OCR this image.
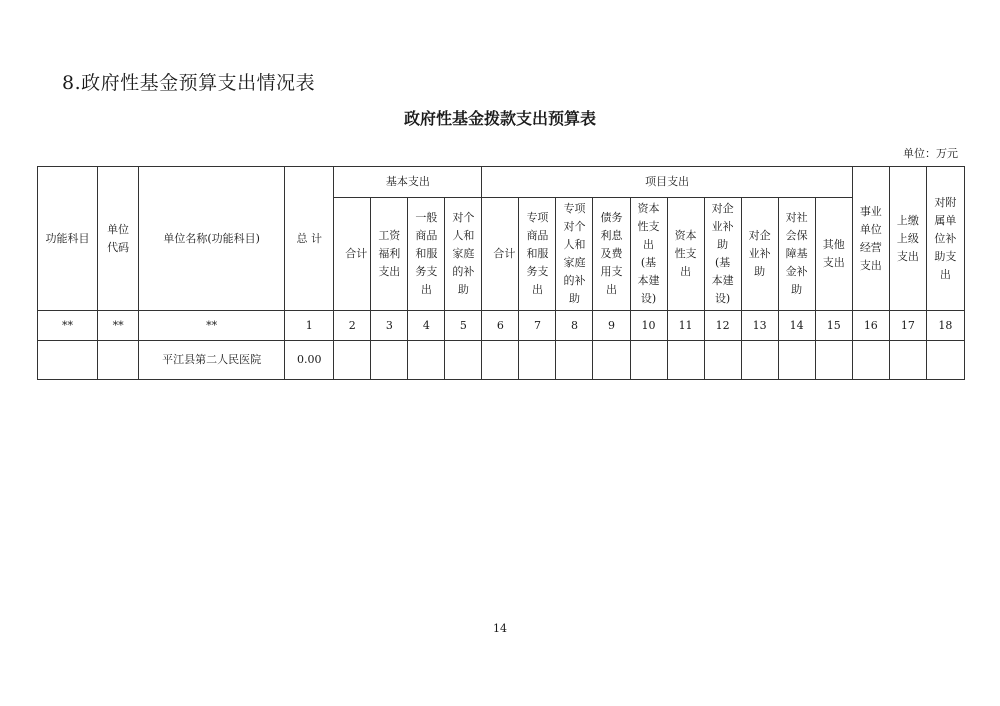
8.政府性基金预算支出情况表
政府性基金拨款支出预算表
单位：万元
功能科目	单位代码	单位名称(功能科目)	总 计	基本支出				项目支出										事业单位经营支出	上缴上级支出	对附属单位补助支出
				合计	工资福利支出	一般商品和服务支出	对个人和家庭的补助	合计	专项商品和服务支出	专项对个人和家庭的补助	债务利息及费用支出	资本性支出(基本建设)	资本性支出	对企业补助(基本建设)	对企业补助	对社会保障基金补助	其他支出			
**	**	**	1	2	3	4	5	6	7	8	9	10	11	12	13	14	15	16	17	18
		平江县第二人民医院	0.00																	
14
